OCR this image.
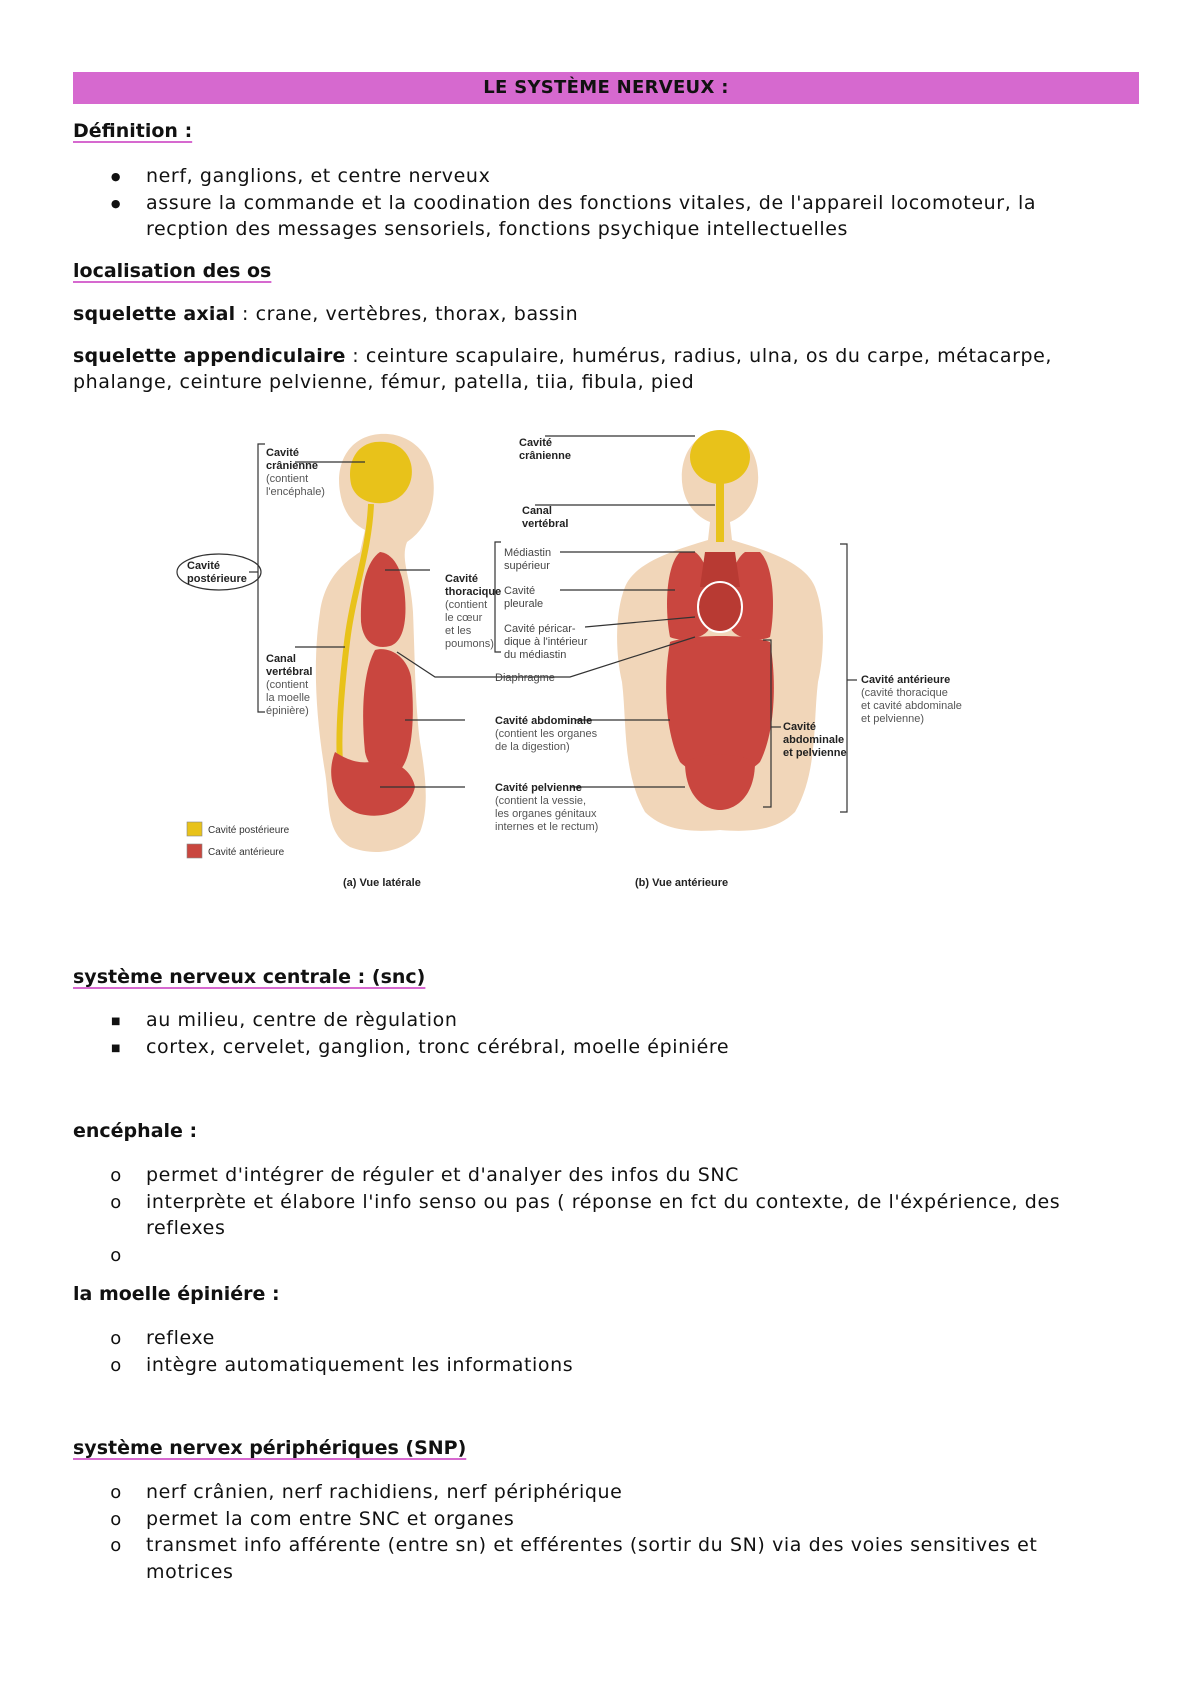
LE SYSTÈME NERVEUX :
Définition :
●
nerf, ganglions, et centre nerveux
●
assure la commande et la coodination des fonctions vitales, de l'appareil locomoteur, la
recption des messages sensoriels, fonctions psychique intellectuelles
localisation des os
squelette axial : crane, vertèbres, thorax, bassin
squelette appendiculaire : ceinture scapulaire, humérus, radius, ulna, os du carpe, métacarpe,
phalange, ceinture pelvienne, fémur, patella, tiia, ﬁbula, pied
système nerveux centrale : (snc)
■
au milieu, centre de règulation
■
cortex, cervelet, ganglion, tronc cérébral, moelle épiniére
encéphale :
o
permet d'intégrer de réguler et d'analyer des infos du SNC
o
interprète et élabore l'info senso ou pas ( réponse en fct du contexte, de l'éxpérience, des
reflexes
o
la moelle épiniére :
o
reflexe
o
intègre automatiquement les informations
système nervex périphériques (SNP)
o
nerf crânien, nerf rachidiens, nerf périphérique
o
permet la com entre SNC et organes
o
transmet info afférente (entre sn) et efférentes (sortir du SN) via des voies sensitives et
motrices
Cavité
crânienne
(contient
l'encéphale)
Cavité
postérieure
Canal
vertébral
(contient
la moelle
épinière)
Cavité
thoracique
(contient
le cœur
et les
poumons)
Diaphragme
Cavité abdominale
(contient les organes
de la digestion)
Cavité pelvienne
(contient la vessie,
les organes génitaux
internes et le rectum)
Cavité
crânienne
Canal
vertébral
Médiastin
supérieur
Cavité
pleurale
Cavité péricar-
dique à l'intérieur
du médiastin
Cavité antérieure
(cavité thoracique
et cavité abdominale
et pelvienne)
Cavité
abdominale
et pelvienne
Cavité postérieure
Cavité antérieure
(a) Vue latérale	(b) Vue antérieure
